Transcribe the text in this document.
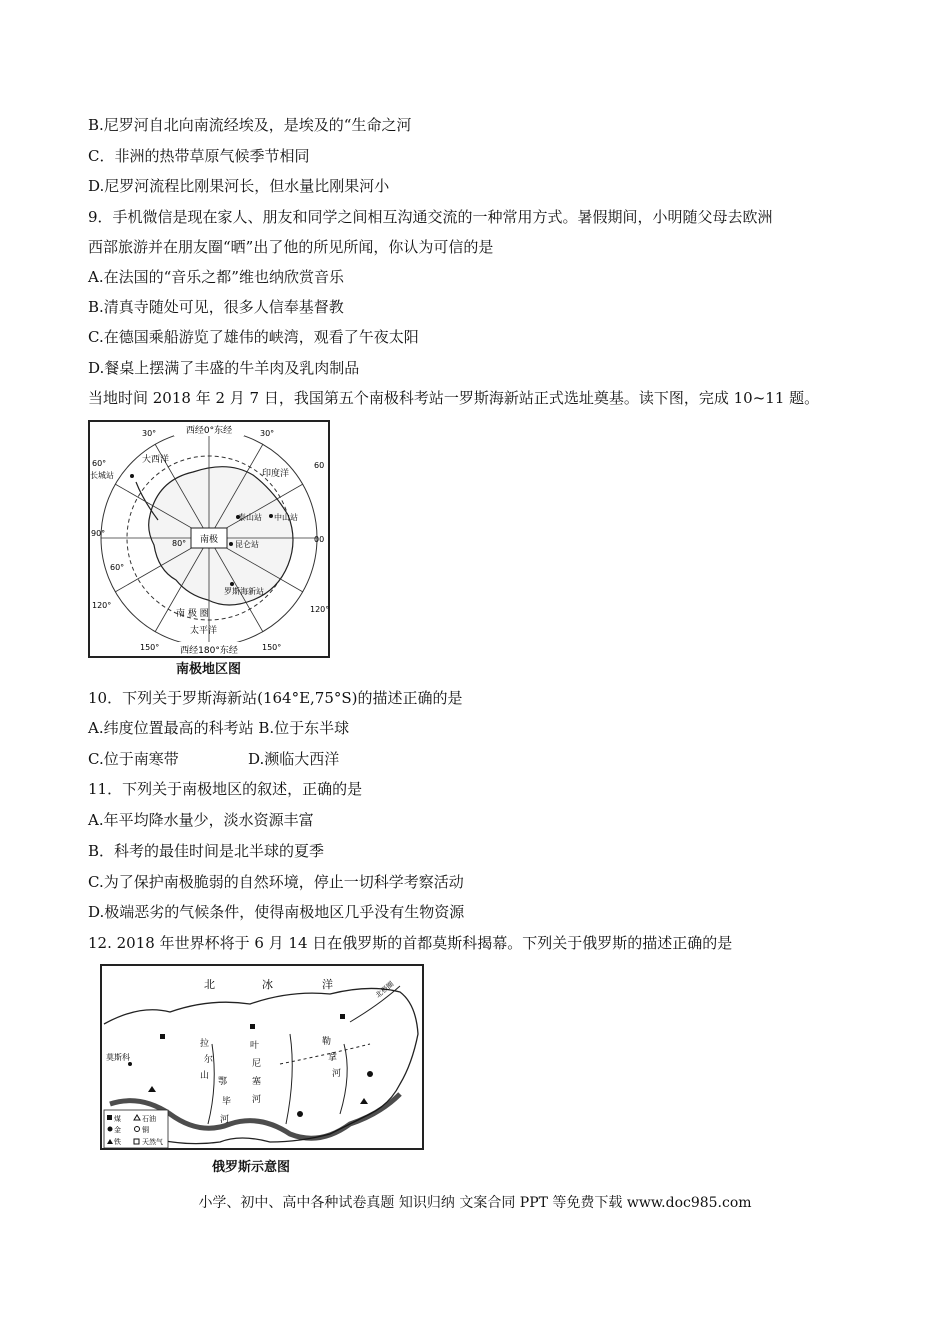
B.尼罗河自北向南流经埃及，是埃及的“生命之河
C．非洲的热带草原气候季节相同
D.尼罗河流程比刚果河长，但水量比刚果河小
9．手机微信是现在家人、朋友和同学之间相互沟通交流的一种常用方式。暑假期间，小明随父母去欧洲
西部旅游并在朋友圈“晒”出了他的所见所闻，你认为可信的是
A.在法国的“音乐之都”维也纳欣赏音乐
B.清真寺随处可见，很多人信奉基督教
C.在德国乘船游览了雄伟的峡湾，观看了午夜太阳
D.餐桌上摆满了丰盛的牛羊肉及乳肉制品
当地时间 2018 年 2 月 7 日，我国第五个南极科考站一罗斯海新站正式选址奠基。读下图，完成 10~11 题。
南极
西经0°东经
西经180°东经
30°	30°
60°	60
90°
00
120°	120°
150°	150°
60°
80°
大西洋
印度洋
太平洋
南 极 圈
长城站
泰山站 中山站
昆仑站
罗斯海新站
南极地区图
10．下列关于罗斯海新站(164°E,75°S)的描述正确的是
A.纬度位置最高的科考站 B.位于东半球
C.位于南寒带	D.濒临大西洋
11．下列关于南极地区的叙述，正确的是
A.年平均降水量少，淡水资源丰富
B．科考的最佳时间是北半球的夏季
C.为了保护南极脆弱的自然环境，停止一切科学考察活动
D.极端恶劣的气候条件，使得南极地区几乎没有生物资源
12. 2018 年世界杯将于 6 月 14 日在俄罗斯的首都莫斯科揭幕。下列关于俄罗斯的描述正确的是
北极圈
北	冰	洋
莫斯科
拉
尔
山
叶
尼
塞
河
勒
拿
河
鄂
毕
河
煤
金
铁
石油
铜
天然气
俄罗斯示意图
小学、初中、高中各种试卷真题 知识归纳 文案合同 PPT 等免费下载 www.doc985.com
